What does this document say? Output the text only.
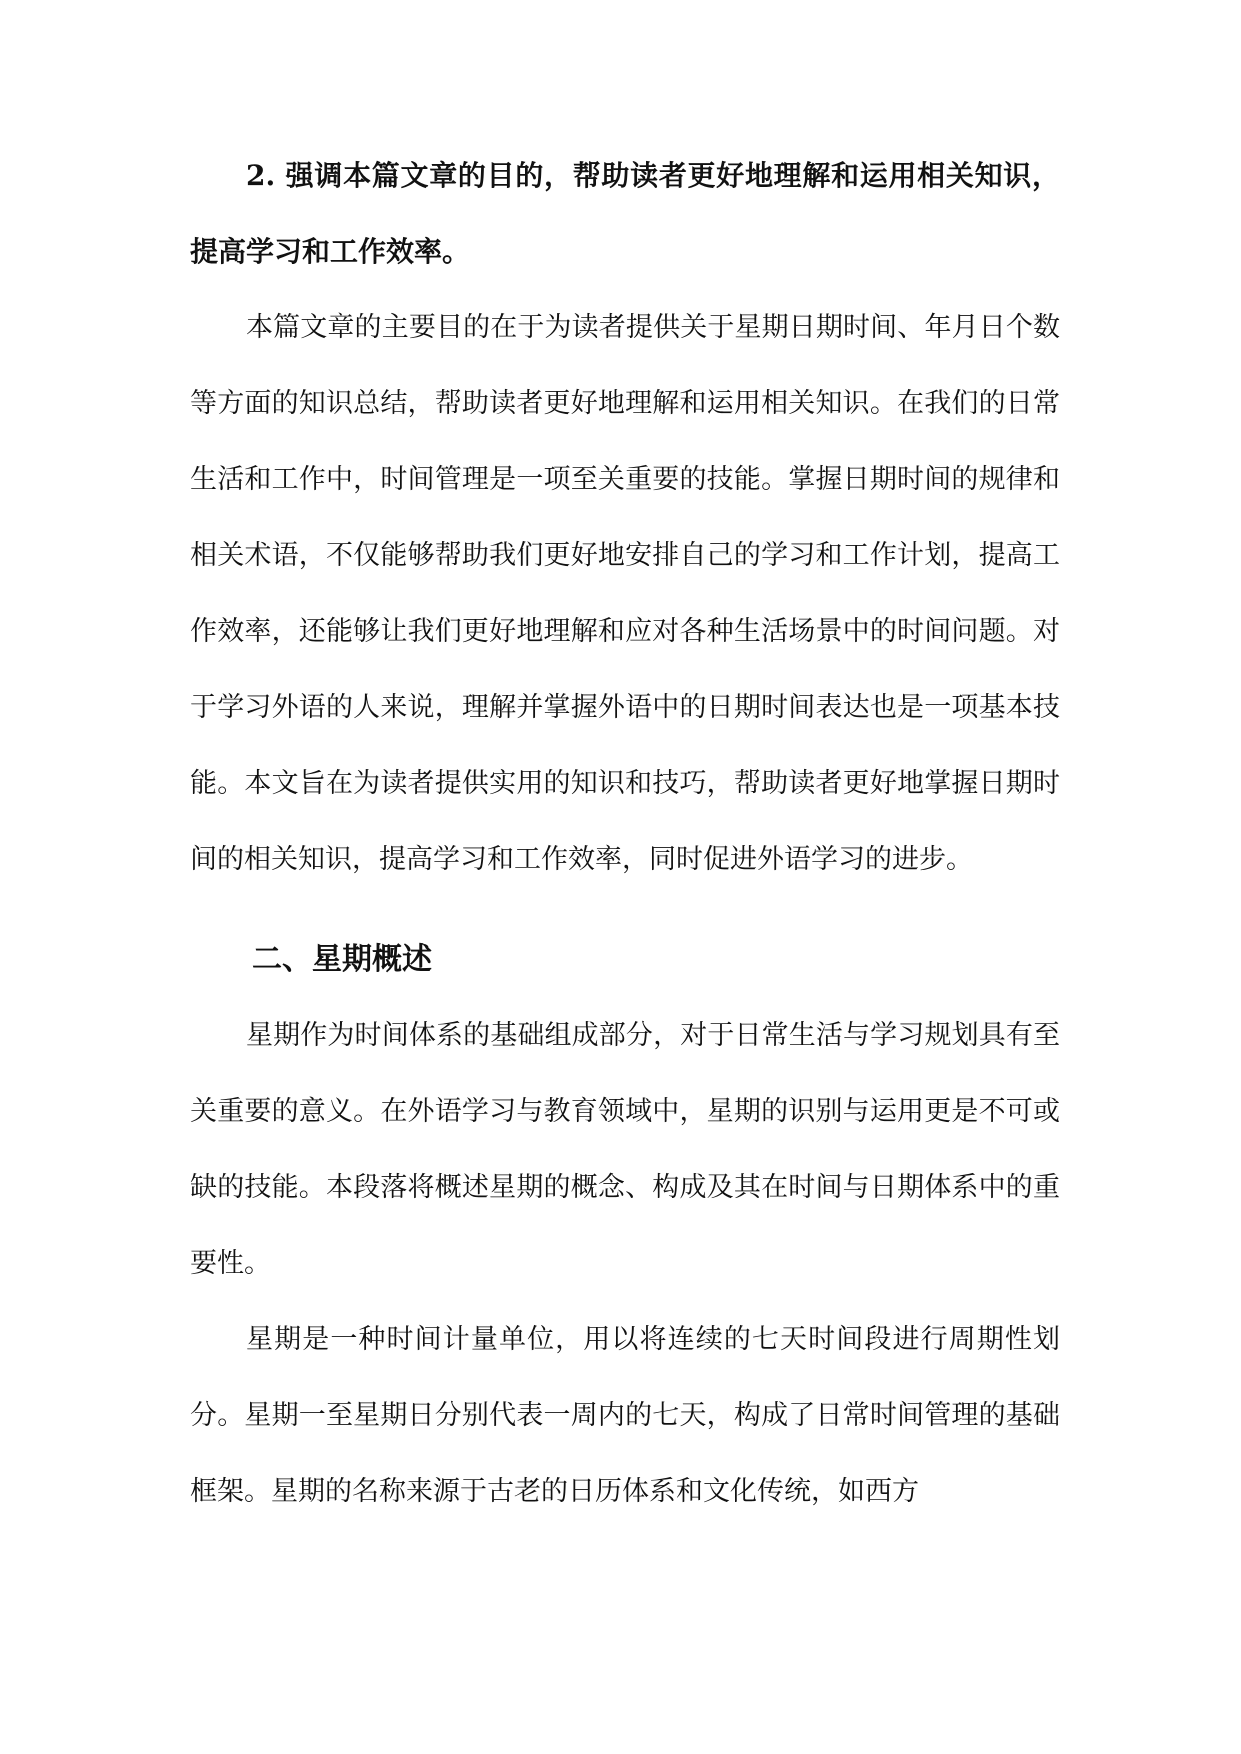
2. 强调本篇文章的目的，帮助读者更好地理解和运用相关知识，提高学习和工作效率。

本篇文章的主要目的在于为读者提供关于星期日期时间、年月日个数等方面的知识总结，帮助读者更好地理解和运用相关知识。在我们的日常生活和工作中，时间管理是一项至关重要的技能。掌握日期时间的规律和相关术语，不仅能够帮助我们更好地安排自己的学习和工作计划，提高工作效率，还能够让我们更好地理解和应对各种生活场景中的时间问题。对于学习外语的人来说，理解并掌握外语中的日期时间表达也是一项基本技能。本文旨在为读者提供实用的知识和技巧，帮助读者更好地掌握日期时间的相关知识，提高学习和工作效率，同时促进外语学习的进步。

二、星期概述

星期作为时间体系的基础组成部分，对于日常生活与学习规划具有至关重要的意义。在外语学习与教育领域中，星期的识别与运用更是不可或缺的技能。本段落将概述星期的概念、构成及其在时间与日期体系中的重要性。

星期是一种时间计量单位，用以将连续的七天时间段进行周期性划分。星期一至星期日分别代表一周内的七天，构成了日常时间管理的基础框架。星期的名称来源于古老的日历体系和文化传统，如西方
